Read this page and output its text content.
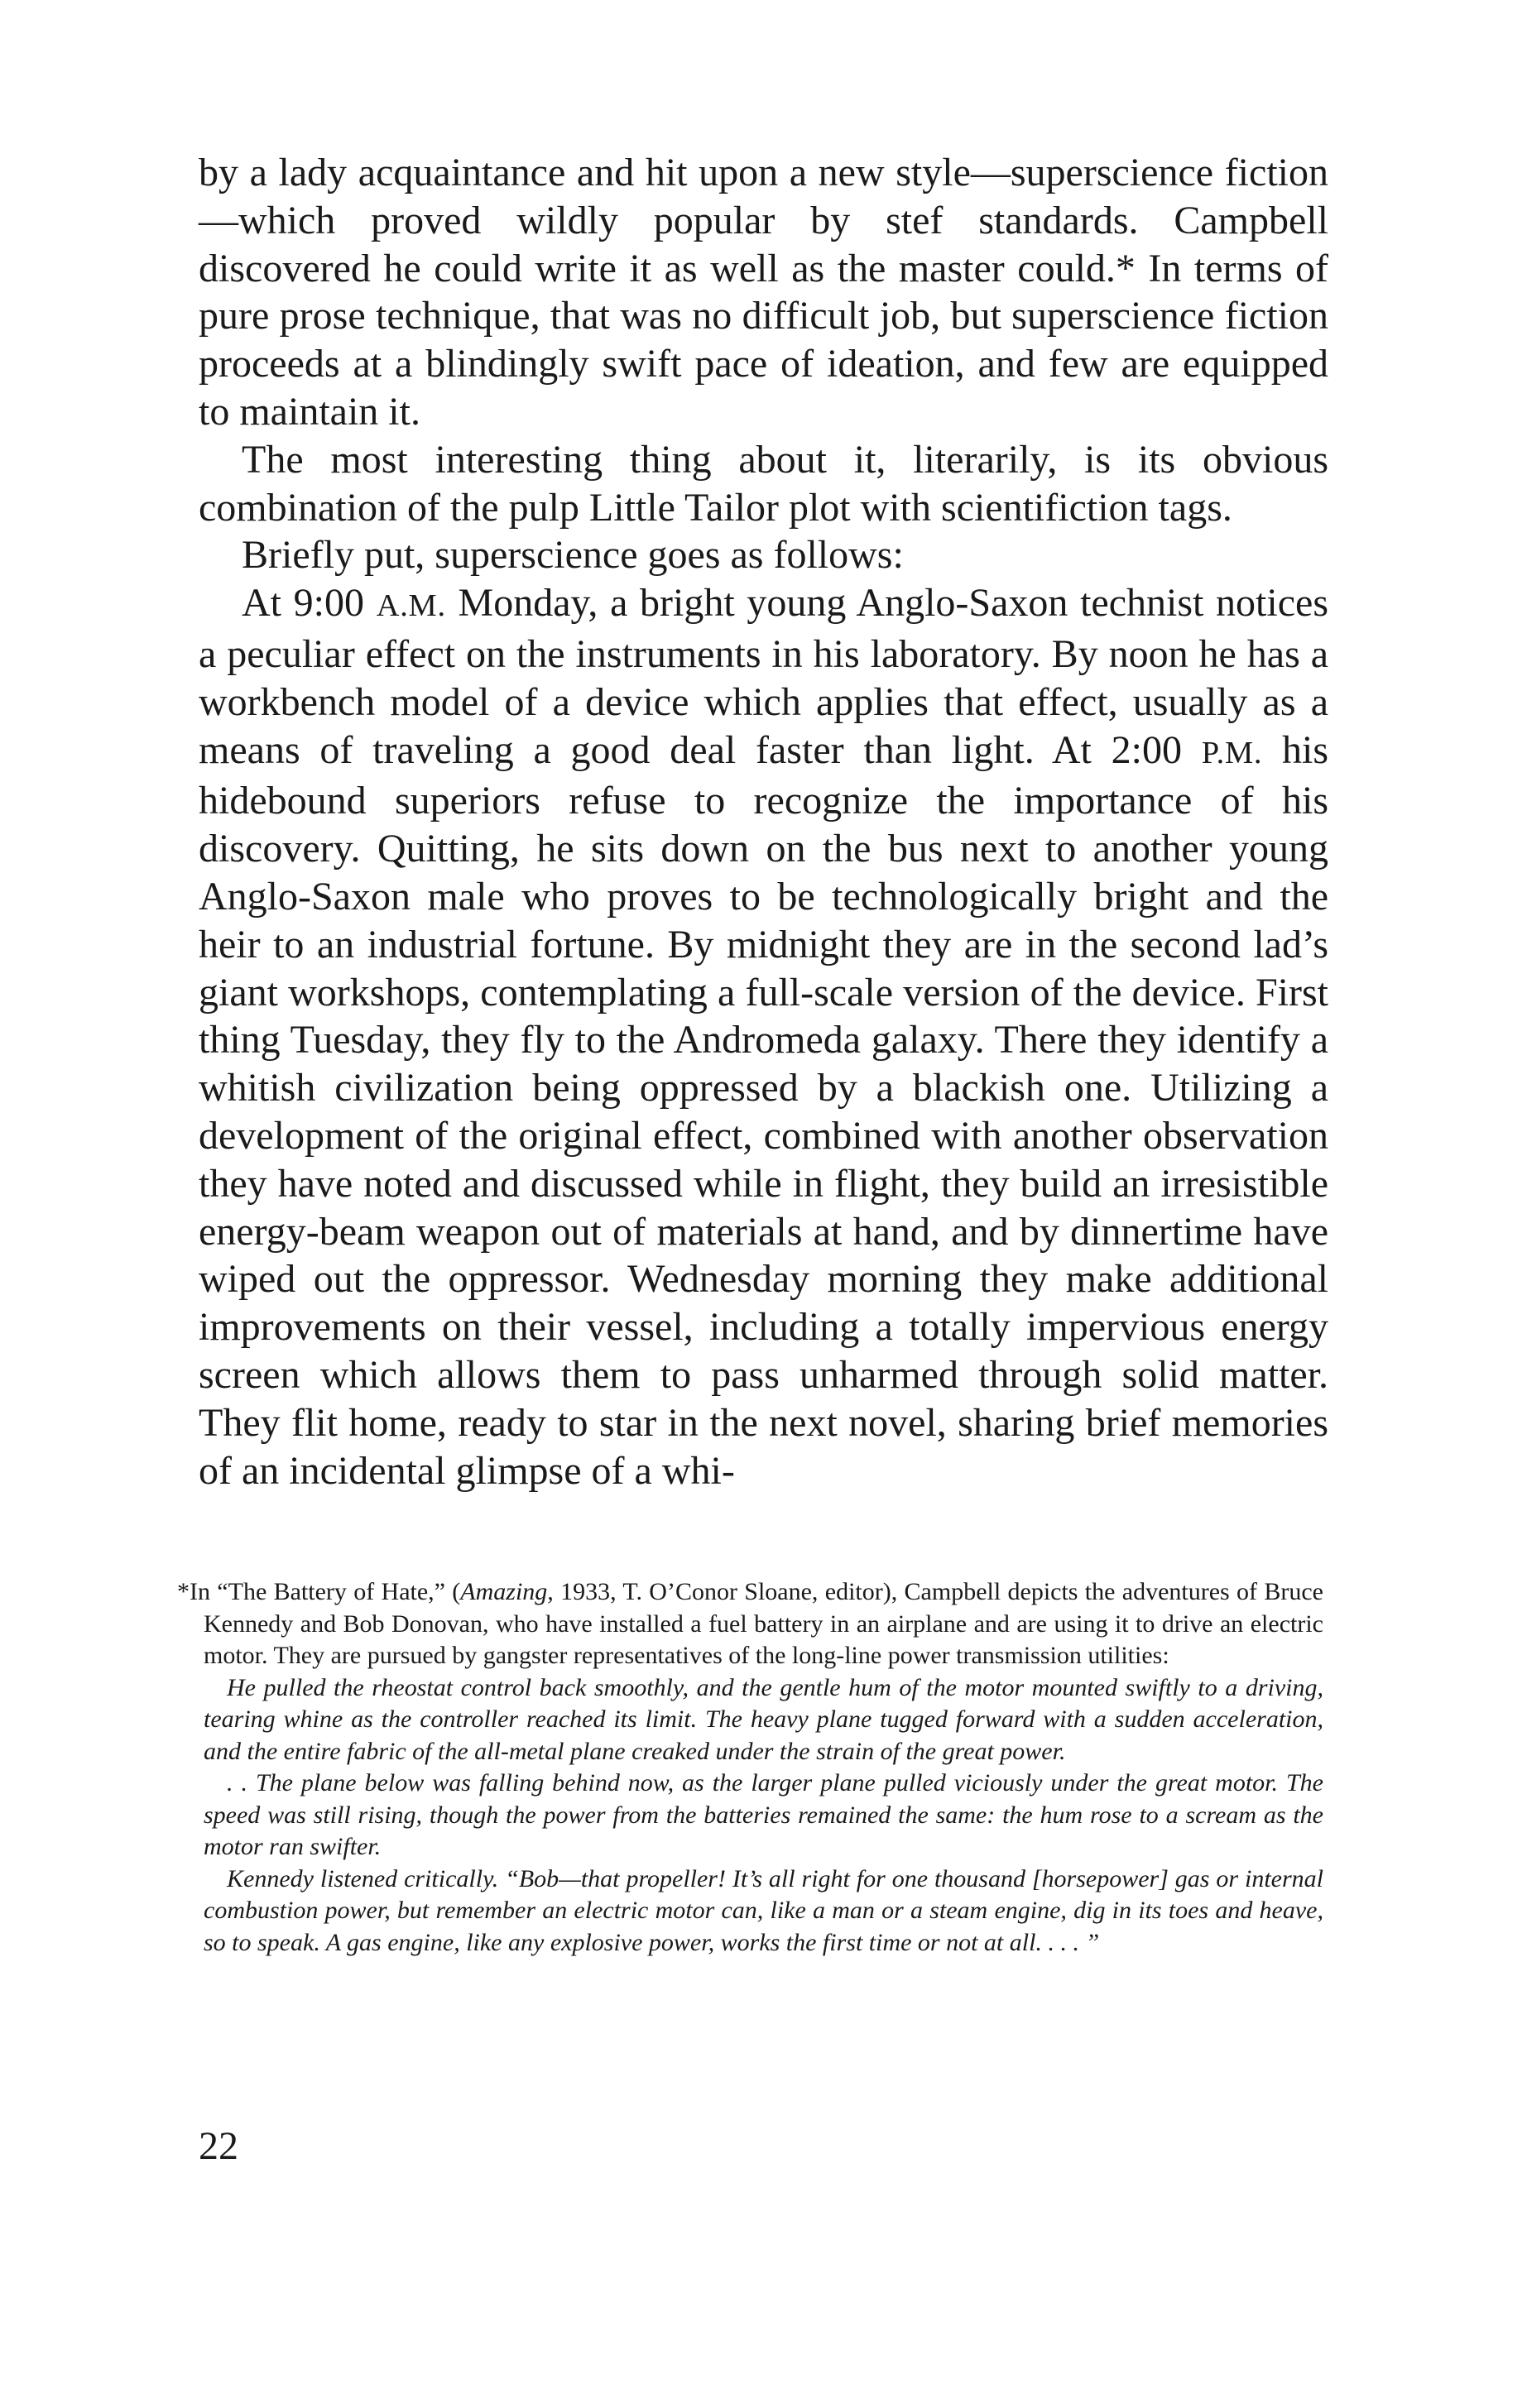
by a lady acquaintance and hit upon a new style—superscience fiction—which proved wildly popular by stef standards. Campbell discovered he could write it as well as the master could.* In terms of pure prose technique, that was no difficult job, but superscience fiction proceeds at a blindingly swift pace of ideation, and few are equipped to maintain it.

The most interesting thing about it, literarily, is its obvious combination of the pulp Little Tailor plot with scientifiction tags.

Briefly put, superscience goes as follows:

At 9:00 A.M. Monday, a bright young Anglo-Saxon technist notices a peculiar effect on the instruments in his laboratory. By noon he has a workbench model of a device which applies that effect, usually as a means of traveling a good deal faster than light. At 2:00 P.M. his hidebound superiors refuse to recognize the importance of his discovery. Quitting, he sits down on the bus next to another young Anglo-Saxon male who proves to be technologically bright and the heir to an industrial fortune. By midnight they are in the second lad’s giant workshops, contemplating a full-scale version of the device. First thing Tuesday, they fly to the Andromeda galaxy. There they identify a whitish civilization being oppressed by a blackish one. Utilizing a development of the original effect, combined with another observation they have noted and discussed while in flight, they build an irresistible energy-beam weapon out of materials at hand, and by dinnertime have wiped out the oppressor. Wednesday morning they make additional improvements on their vessel, including a totally impervious energy screen which allows them to pass unharmed through solid matter. They flit home, ready to star in the next novel, sharing brief memories of an incidental glimpse of a whi-

*In “The Battery of Hate,” (Amazing, 1933, T. O’Conor Sloane, editor), Campbell depicts the adventures of Bruce Kennedy and Bob Donovan, who have installed a fuel battery in an airplane and are using it to drive an electric motor. They are pursued by gangster representatives of the long-line power transmission utilities:

He pulled the rheostat control back smoothly, and the gentle hum of the motor mounted swiftly to a driving, tearing whine as the controller reached its limit. The heavy plane tugged forward with a sudden acceleration, and the entire fabric of the all-metal plane creaked under the strain of the great power.

. . The plane below was falling behind now, as the larger plane pulled viciously under the great motor. The speed was still rising, though the power from the batteries remained the same: the hum rose to a scream as the motor ran swifter.

Kennedy listened critically. “Bob—that propeller! It’s all right for one thousand [horsepower] gas or internal combustion power, but remember an electric motor can, like a man or a steam engine, dig in its toes and heave, so to speak. A gas engine, like any explosive power, works the first time or not at all. . . . ”

22
